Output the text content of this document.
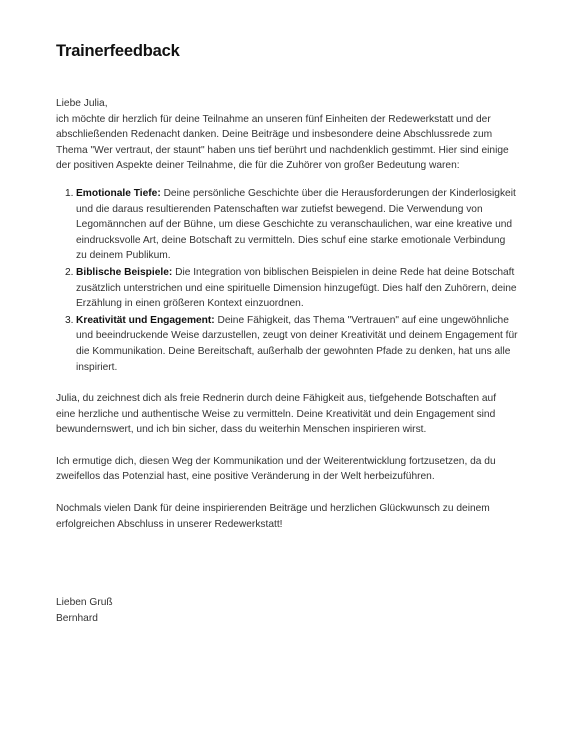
Trainerfeedback

Liebe Julia,
ich möchte dir herzlich für deine Teilnahme an unseren fünf Einheiten der Redewerkstatt und der abschließenden Redenacht danken. Deine Beiträge und insbesondere deine Abschlussrede zum Thema "Wer vertraut, der staunt" haben uns tief berührt und nachdenklich gestimmt. Hier sind einige der positiven Aspekte deiner Teilnahme, die für die Zuhörer von großer Bedeutung waren:

1. Emotionale Tiefe: Deine persönliche Geschichte über die Herausforderungen der Kinderlosigkeit und die daraus resultierenden Patenschaften war zutiefst bewegend. Die Verwendung von Legomännchen auf der Bühne, um diese Geschichte zu veranschaulichen, war eine kreative und eindrucksvolle Art, deine Botschaft zu vermitteln. Dies schuf eine starke emotionale Verbindung zu deinem Publikum.
2. Biblische Beispiele: Die Integration von biblischen Beispielen in deine Rede hat deine Botschaft zusätzlich unterstrichen und eine spirituelle Dimension hinzugefügt. Dies half den Zuhörern, deine Erzählung in einen größeren Kontext einzuordnen.
3. Kreativität und Engagement: Deine Fähigkeit, das Thema "Vertrauen" auf eine ungewöhnliche und beeindruckende Weise darzustellen, zeugt von deiner Kreativität und deinem Engagement für die Kommunikation. Deine Bereitschaft, außerhalb der gewohnten Pfade zu denken, hat uns alle inspiriert.

Julia, du zeichnest dich als freie Rednerin durch deine Fähigkeit aus, tiefgehende Botschaften auf eine herzliche und authentische Weise zu vermitteln. Deine Kreativität und dein Engagement sind bewundernswert, und ich bin sicher, dass du weiterhin Menschen inspirieren wirst.

Ich ermutige dich, diesen Weg der Kommunikation und der Weiterentwicklung fortzusetzen, da du zweifellos das Potenzial hast, eine positive Veränderung in der Welt herbeizuführen.

Nochmals vielen Dank für deine inspirierenden Beiträge und herzlichen Glückwunsch zu deinem erfolgreichen Abschluss in unserer Redewerkstatt!

Lieben Gruß

Bernhard
